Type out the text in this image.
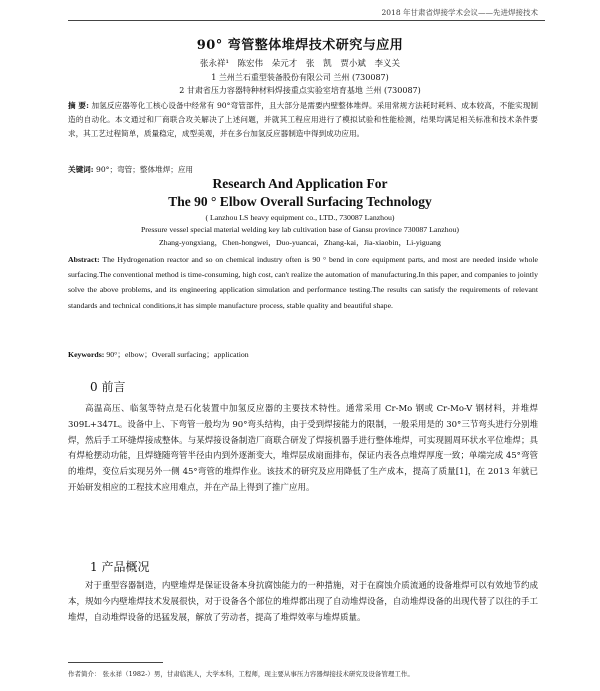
2018 年甘肃省焊接学术会议——先进焊接技术
90° 弯管整体堆焊技术研究与应用
张永祥¹ 陈宏伟 朵元才 张 凯 贾小斌 李义关
1 兰州兰石重型装备股份有限公司 兰州 (730087)
2 甘肃省压力容器特种材料焊接重点实验室培育基地 兰州 (730087)
摘 要: 加氢反应器等化工核心设备中经常有 90°弯管部件，且大部分是需要内壁整体堆焊。采用常规方法耗时耗料、成本较高，不能实现制造的自动化。本文通过和厂商联合攻关解决了上述问题，并就其工程应用进行了模拟试验和性能检测，结果均满足相关标准和技术条件要求，其工艺过程简单，质量稳定，成型美观，并在多台加氢反应器制造中得到成功应用。
关键词: 90°；弯管；整体堆焊；应用
Research And Application For
The 90 ° Elbow Overall Surfacing Technology
( Lanzhou LS heavy equipment co., LTD., 730087 Lanzhou)
Pressure vessel special material welding key lab cultivation base of Gansu province 730087 Lanzhou)
Zhang-yongxiang，Chen-hongwei，Duo-yuancai，Zhang-kai，Jia-xiaobin，Li-yiguang
Abstract: The Hydrogenation reactor and so on chemical industry often is 90 ° bend in core equipment parts, and most are needed inside whole surfacing.The conventional method is time-consuming, high cost, can't realize the automation of manufacturing.In this paper, and companies to jointly solve the above problems, and its engineering application simulation and performance testing.The results can satisfy the requirements of relevant standards and technical conditions,it has simple manufacture process, stable quality and beautiful shape.
Keywords: 90°；elbow；Overall surfacing；application
0 前言
高温高压、临氢等特点是石化装置中加氢反应器的主要技术特性。通常采用 Cr-Mo 钢或 Cr-Mo-V 钢材料，并堆焊 309L+347L。设备中上、下弯管一般均为 90°弯头结构，由于受到焊接能力的限制，一般采用是的 30°三节弯头进行分别堆焊，然后手工环缝焊接成整体。与某焊接设备制造厂商联合研发了焊接机器手进行整体堆焊，可实现圆周环状水平位堆焊；具有焊枪摆动功能，且焊缝随弯管半径由内到外逐渐变大，堆焊层成扇面排布，保证内表各点堆焊厚度一致；单端完成 45°弯管的堆焊，变位后实现另外一侧 45°弯管的堆焊作业。该技术的研究及应用降低了生产成本，提高了质量[1]，在 2013 年就已开始研发相应的工程技术应用难点，并在产品上得到了推广应用。
1 产品概况
对于重型容器制造，内壁堆焊是保证设备本身抗腐蚀能力的一种措施，对于在腐蚀介质流通的设备堆焊可以有效地节约成本，规如今内壁堆焊技术发展很快，对于设备各个部位的堆焊都出现了自动堆焊设备，自动堆焊设备的出现代替了以往的手工堆焊，自动堆焊设备的迅猛发展，解放了劳动者，提高了堆焊效率与堆焊质量。
作者简介： 张永祥（1982-）男，甘肃临洮人，大学本科，工程师，现主要从事压力容器焊接技术研究及设备管理工作。
